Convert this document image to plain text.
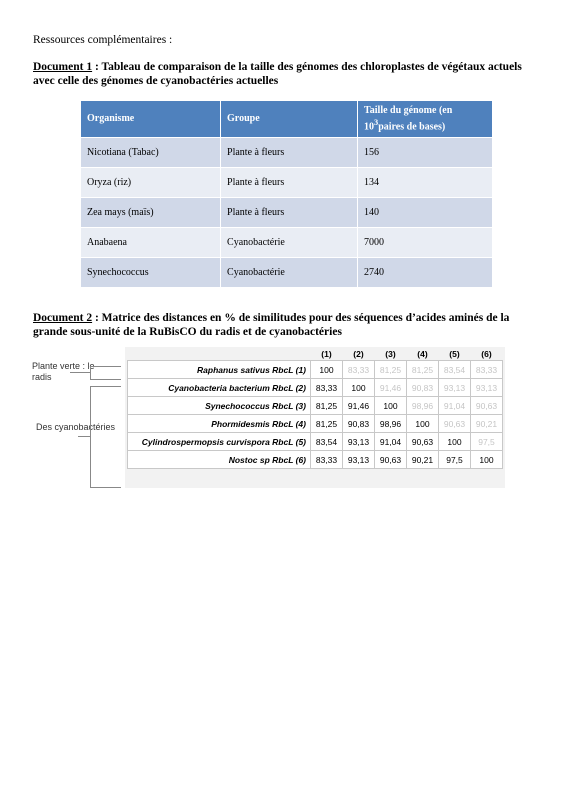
Ressources complémentaires :
Document 1 : Tableau de comparaison de la taille des génomes des chloroplastes de végétaux actuels avec celle des génomes de cyanobactéries actuelles
Organisme	Groupe	Taille du génome (en $10^3paires$ de bases)
Nicotiana (Tabac)	Plante à fleurs	156
Oryza (riz)	Plante à fleurs	134
Zea mays (maïs)	Plante à fleurs	140
Anabaena	Cyanobactérie	7000
Synechococcus	Cyanobactérie	2740
Document 2 : Matrice des distances en % de similitudes pour des séquences d’acides aminés de la grande sous-unité de la RuBisCO du radis et de cyanobactéries
Plante verte : le radis
Des cyanobactéries
	(1)	(2)	(3)	(4)	(5)	(6)
Raphanus sativus RbcL (1)	100	83,33	81,25	81,25	83,54	83,33
Cyanobacteria bacterium RbcL (2)	83,33	100	91,46	90,83	93,13	93,13
Synechococcus RbcL (3)	81,25	91,46	100	98,96	91,04	90,63
Phormidesmis RbcL (4)	81,25	90,83	98,96	100	90,63	90,21
Cylindrospermopsis curvispora RbcL (5)	83,54	93,13	91,04	90,63	100	97,5
Nostoc sp RbcL (6)	83,33	93,13	90,63	90,21	97,5	100
